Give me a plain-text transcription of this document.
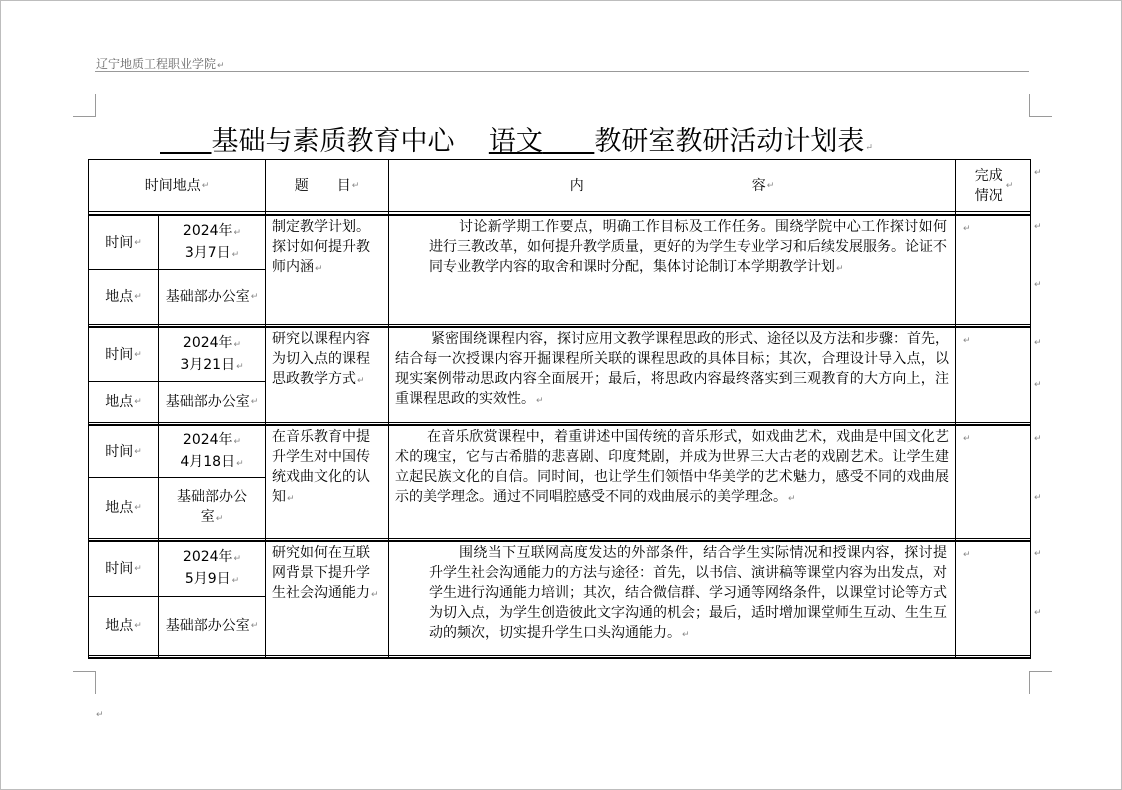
辽宁地质工程职业学院↵
基础与素质教育中心 语文 教研室教研活动计划表↵
时间地点 ↵	题　　目 ↵	内　　　　　　　　　　　　容 ↵
完成情况
↵
时间 ↵
2024年↵
3月7日↵
地点 ↵ 基础部办公室 ↵
制定教学计划。探讨如何提升教师内涵↵
讨论新学期工作要点，明确工作目标及工作任务。围绕学院中心工作探讨如何进行三教改革，如何提升教学质量，更好的为学生专业学习和后续发展服务。论证不同专业教学内容的取舍和课时分配，集体讨论制订本学期教学计划↵
↵
时间 ↵
2024年↵
3月21日↵
地点 ↵ 基础部办公室 ↵
研究以课程内容为切入点的课程思政教学方式↵
紧密围绕课程内容，探讨应用文教学课程思政的形式、途径以及方法和步骤：首先，结合每一次授课内容开掘课程所关联的课程思政的具体目标；其次，合理设计导入点，以现实案例带动思政内容全面展开；最后，将思政内容最终落实到三观教育的大方向上，注重课程思政的实效性。↵
↵
时间 ↵
2024年↵
4月18日↵
地点 ↵
基础部办公室↵
在音乐教育中提升学生对中国传统戏曲文化的认知↵
在音乐欣赏课程中，着重讲述中国传统的音乐形式，如戏曲艺术，戏曲是中国文化艺术的瑰宝，它与古希腊的悲喜剧、印度梵剧，并成为世界三大古老的戏剧艺术。让学生建立起民族文化的自信。同时间，也让学生们领悟中华美学的艺术魅力，感受不同的戏曲展示的美学理念。通过不同唱腔感受不同的戏曲展示的美学理念。↵
↵
时间 ↵
2024年↵
5月9日↵
地点 ↵ 基础部办公室 ↵
研究如何在互联网背景下提升学生社会沟通能力↵
围绕当下互联网高度发达的外部条件，结合学生实际情况和授课内容，探讨提升学生社会沟通能力的方法与途径：首先，以书信、演讲稿等课堂内容为出发点，对学生进行沟通能力培训；其次，结合微信群、学习通等网络条件，以课堂讨论等方式为切入点，为学生创造彼此文字沟通的机会；最后，适时增加课堂师生互动、生生互动的频次，切实提升学生口头沟通能力。↵
↵
↵
↵
↵
↵
↵
↵
↵
↵
↵
↵
